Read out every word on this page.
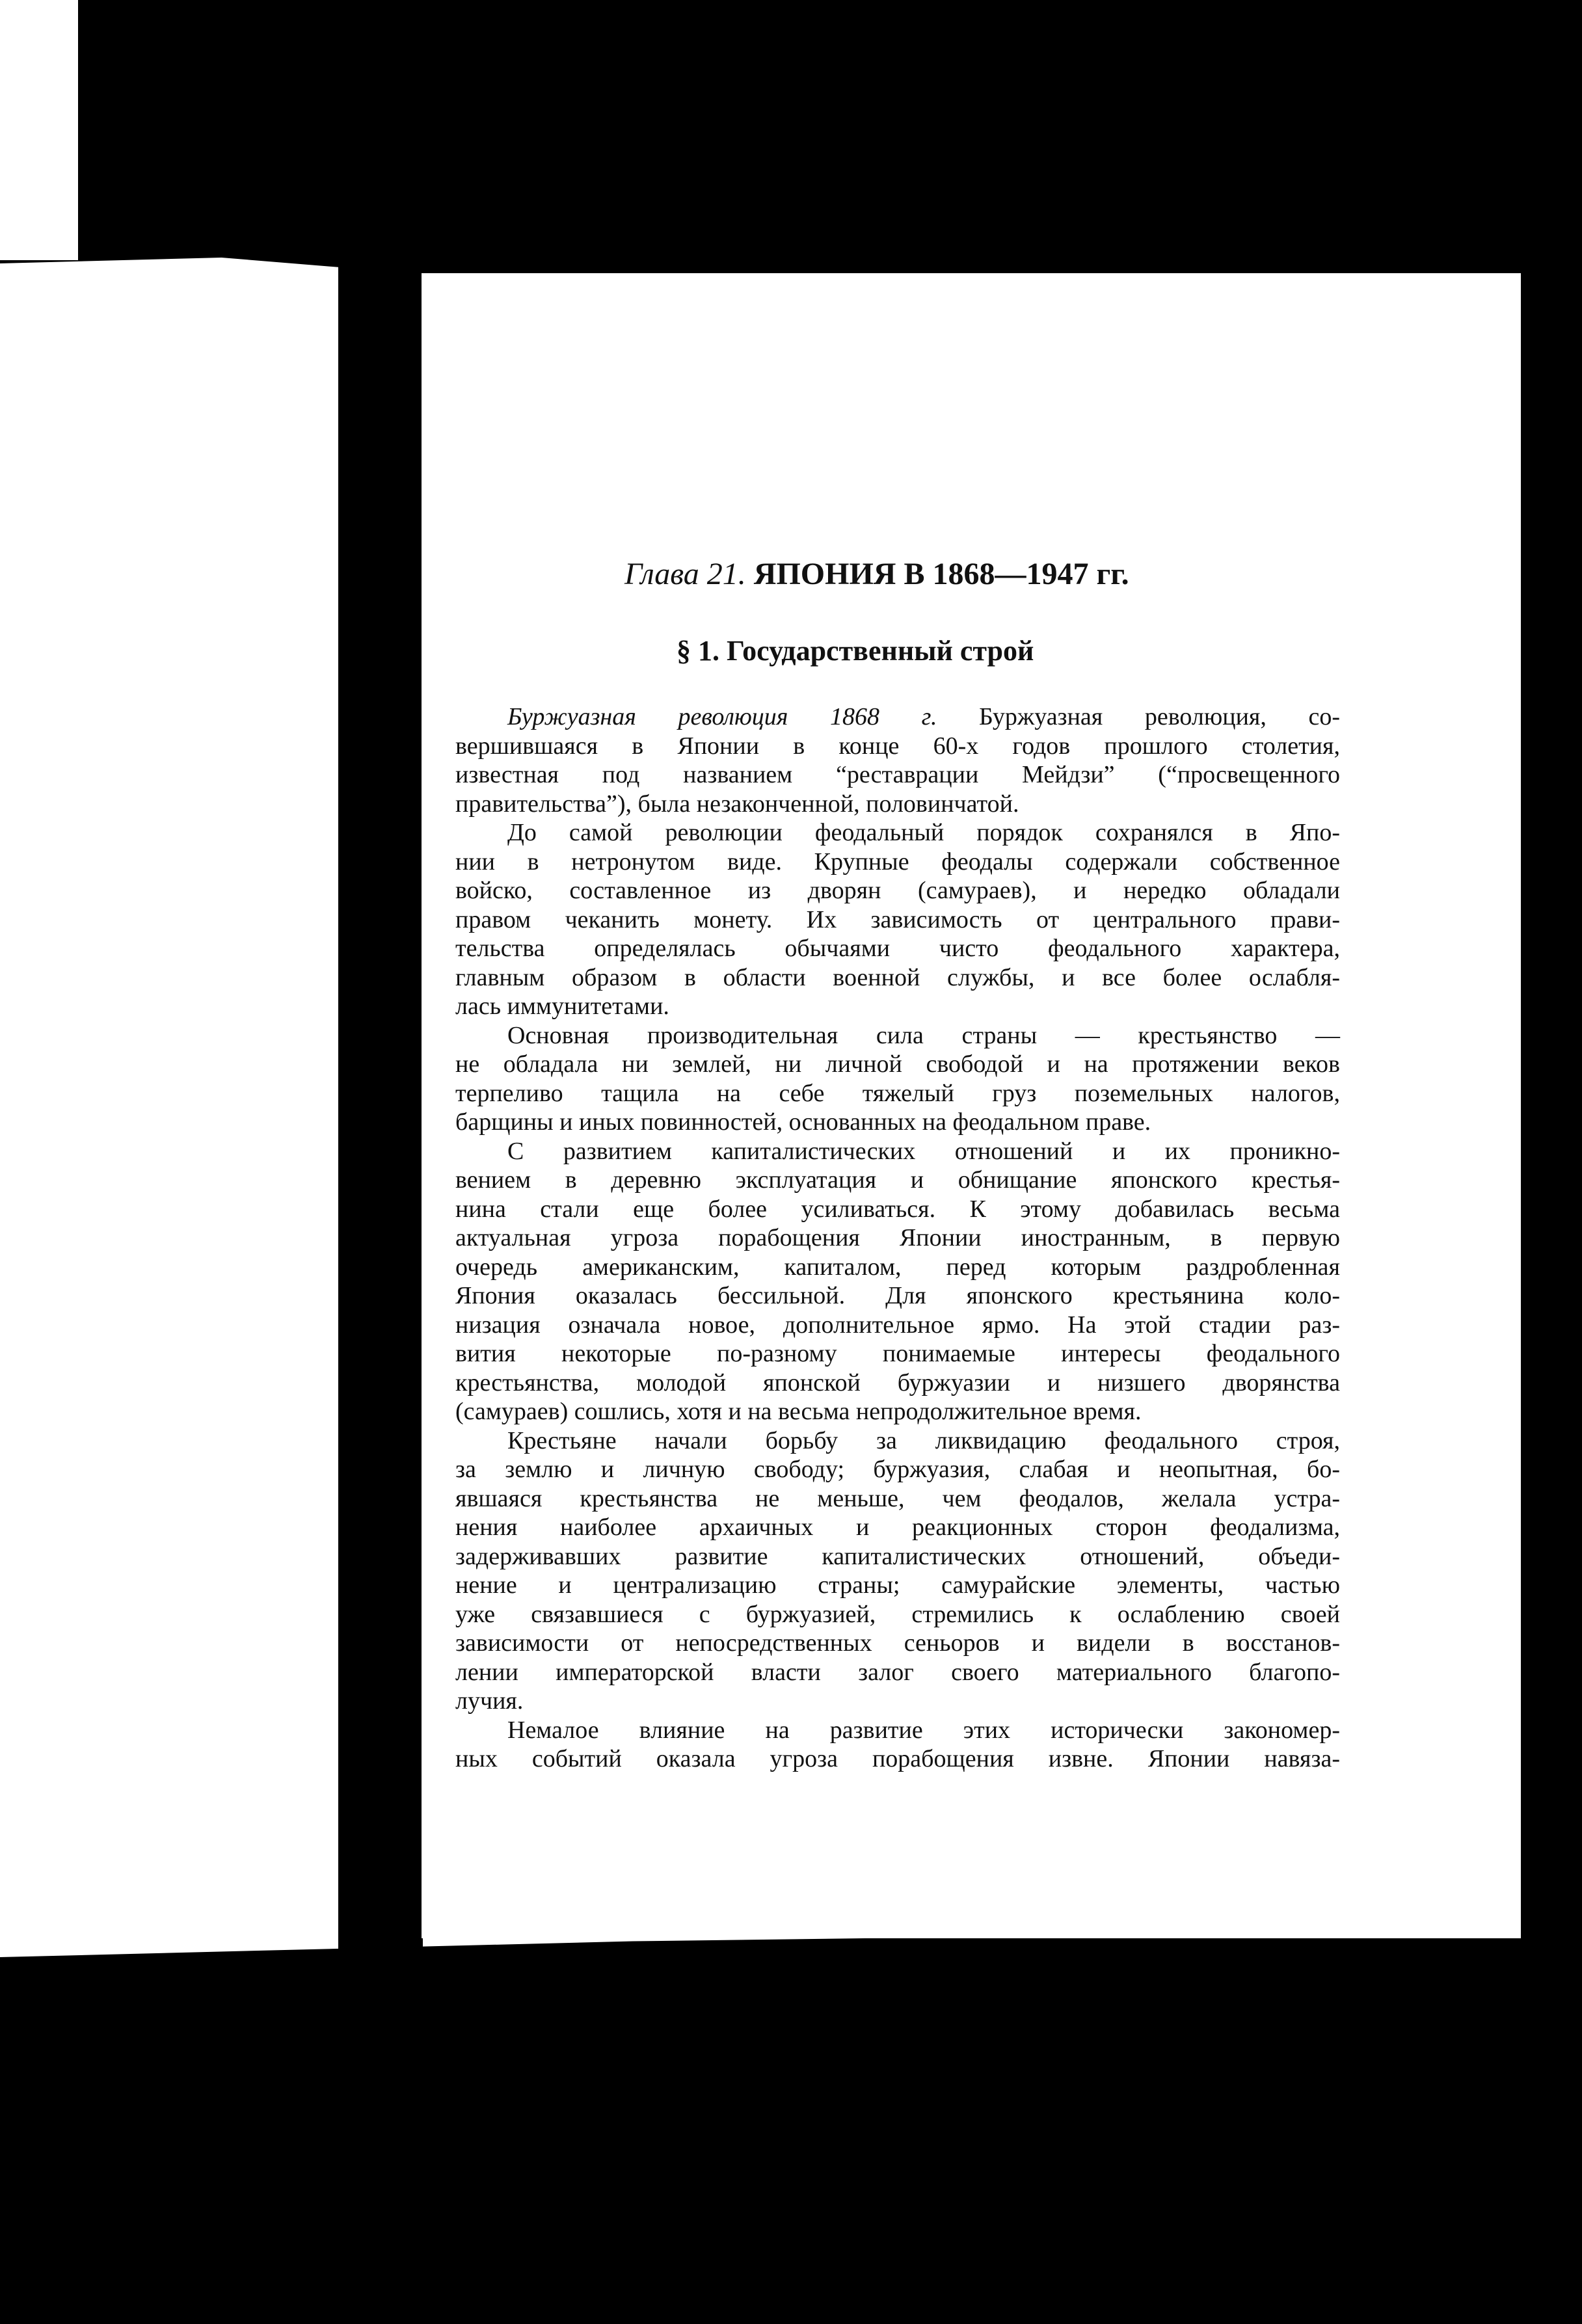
Глава 21. ЯПОНИЯ В 1868—1947 гг.
§ 1. Государственный строй
Буржуазная революция 1868 г. Буржуазная революция, со-
вершившаяся в Японии в конце 60-х годов прошлого столетия,
известная под названием “реставрации Мейдзи” (“просвещенного
правительства”), была незаконченной, половинчатой.
До самой революции феодальный порядок сохранялся в Япо-
нии в нетронутом виде. Крупные феодалы содержали собственное
войско, составленное из дворян (самураев), и нередко обладали
правом чеканить монету. Их зависимость от центрального прави-
тельства определялась обычаями чисто феодального характера,
главным образом в области военной службы, и все более ослабля-
лась иммунитетами.
Основная производительная сила страны — крестьянство —
не обладала ни землей, ни личной свободой и на протяжении веков
терпеливо тащила на себе тяжелый груз поземельных налогов,
барщины и иных повинностей, основанных на феодальном праве.
С развитием капиталистических отношений и их проникно-
вением в деревню эксплуатация и обнищание японского крестья-
нина стали еще более усиливаться. К этому добавилась весьма
актуальная угроза порабощения Японии иностранным, в первую
очередь американским, капиталом, перед которым раздробленная
Япония оказалась бессильной. Для японского крестьянина коло-
низация означала новое, дополнительное ярмо. На этой стадии раз-
вития некоторые по-разному понимаемые интересы феодального
крестьянства, молодой японской буржуазии и низшего дворянства
(самураев) сошлись, хотя и на весьма непродолжительное время.
Крестьяне начали борьбу за ликвидацию феодального строя,
за землю и личную свободу; буржуазия, слабая и неопытная, бо-
явшаяся крестьянства не меньше, чем феодалов, желала устра-
нения наиболее архаичных и реакционных сторон феодализма,
задерживавших развитие капиталистических отношений, объеди-
нение и централизацию страны; самурайские элементы, частью
уже связавшиеся с буржуазией, стремились к ослаблению своей
зависимости от непосредственных сеньоров и видели в восстанов-
лении императорской власти залог своего материального благопо-
лучия.
Немалое влияние на развитие этих исторически закономер-
ных событий оказала угроза порабощения извне. Японии навяза-
